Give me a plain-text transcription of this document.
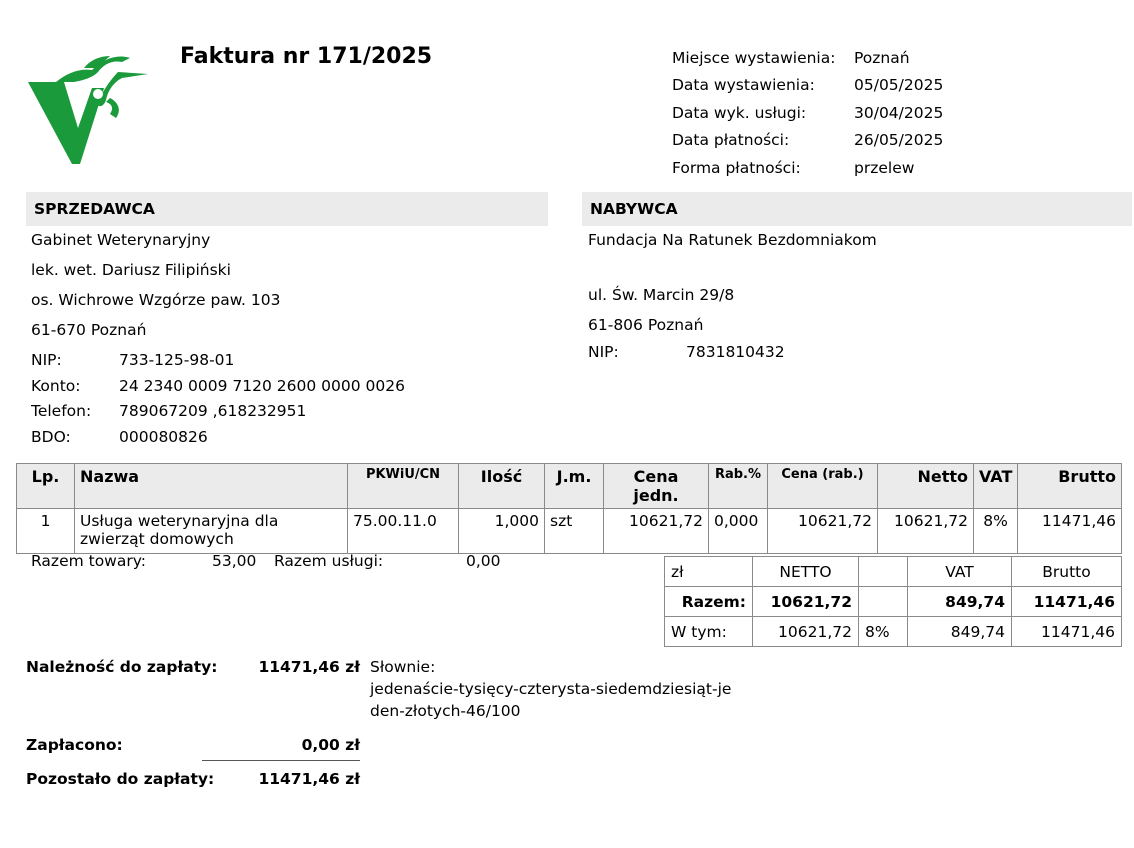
Faktura nr 171/2025	Miejsce wystawienia:	Poznań
Data wystawienia:	05/05/2025
Data wyk. usługi:	30/04/2025
Data płatności:	26/05/2025
Forma płatności:	przelew
SPRZEDAWCA
Gabinet Weterynaryjny
lek. wet. Dariusz Filipiński
os. Wichrowe Wzgórze paw. 103
61-670 Poznań
NIP:	733-125-98-01
Konto: 24 2340 0009 7120 2600 0000 0026
Telefon: 789067209 ,618232951
BDO:	000080826
NABYWCA
Fundacja Na Ratunek Bezdomniakom
ul. Św. Marcin 29/8
61-806 Poznań
NIP:	7831810432
Lp.	Nazwa	PKWiU/CN	Ilość	J.m.	Cena jedn.	Rab.%	Cena (rab.)	Netto	VAT	Brutto
1	Usługa weterynaryjna dla zwierząt domowych	75.00.11.0	1,000	szt	10621,72	0,000	10621,72	10621,72	8%	11471,46
Razem towary:	53,00 Razem usługi:	0,00
zł	NETTO		VAT	Brutto
Razem:	10621,72		849,74	11471,46
W tym:	10621,72	8%	849,74	11471,46
Należność do zapłaty:	11471,46 zł Słownie:
jedenaście-tysięcy-czterysta-siedemdziesiąt-je
den-złotych-46/100
Zapłacono:	0,00 zł
Pozostało do zapłaty:	11471,46 zł
